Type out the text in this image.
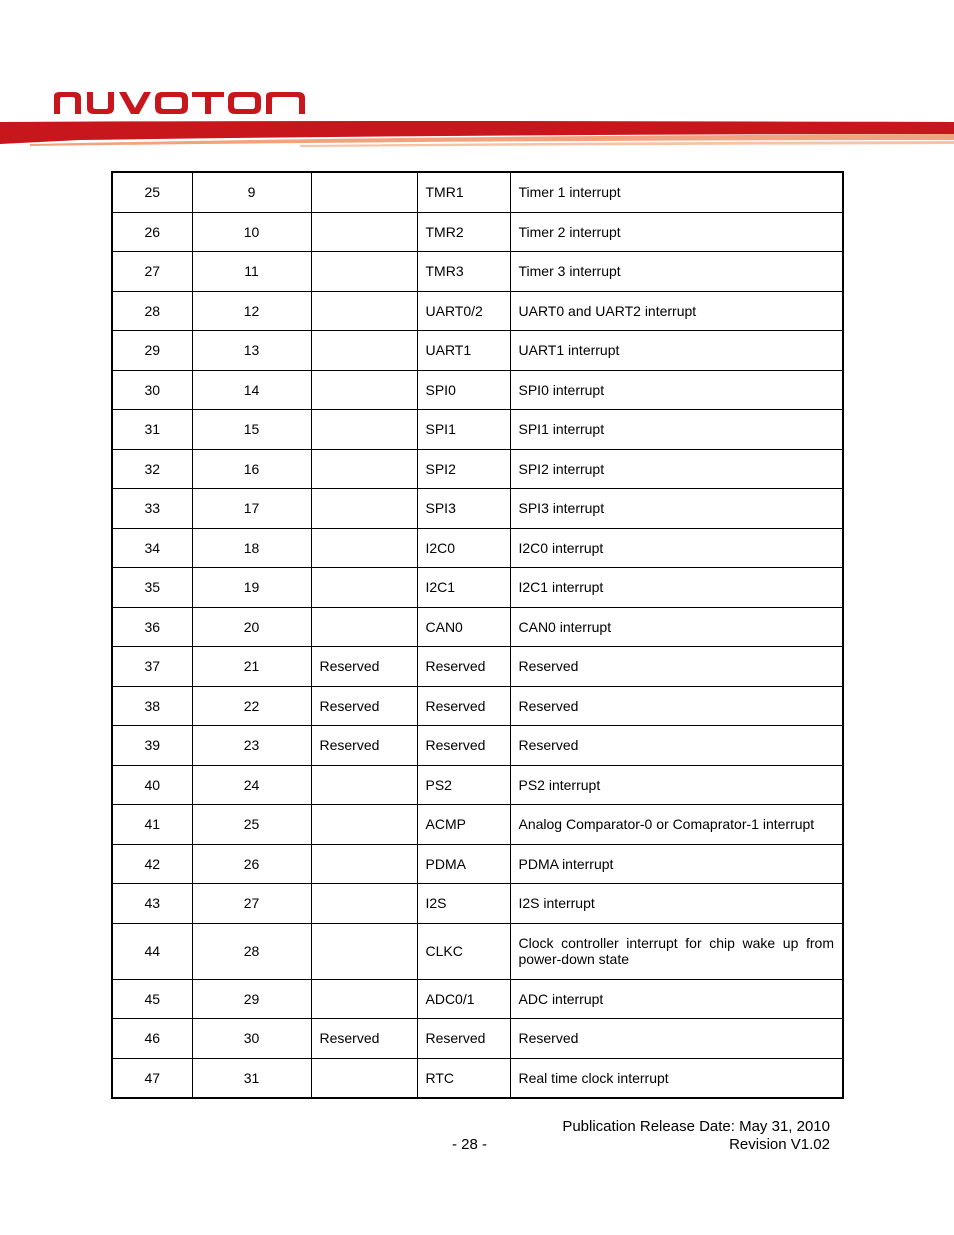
25	9		TMR1	Timer 1 interrupt
26	10		TMR2	Timer 2 interrupt
27	11		TMR3	Timer 3 interrupt
28	12		UART0/2	UART0 and UART2 interrupt
29	13		UART1	UART1 interrupt
30	14		SPI0	SPI0 interrupt
31	15		SPI1	SPI1 interrupt
32	16		SPI2	SPI2 interrupt
33	17		SPI3	SPI3 interrupt
34	18		I2C0	I2C0 interrupt
35	19		I2C1	I2C1 interrupt
36	20		CAN0	CAN0 interrupt
37	21	Reserved	Reserved	Reserved
38	22	Reserved	Reserved	Reserved
39	23	Reserved	Reserved	Reserved
40	24		PS2	PS2 interrupt
41	25		ACMP	Analog Comparator-0 or Comaprator-1 interrupt
42	26		PDMA	PDMA interrupt
43	27		I2S	I2S interrupt
44	28		CLKC	Clock controller interrupt for chip wake up from power-down state
45	29		ADC0/1	ADC interrupt
46	30	Reserved	Reserved	Reserved
47	31		RTC	Real time clock interrupt
Publication Release Date: May 31, 2010
- 28 -	Revision V1.02
